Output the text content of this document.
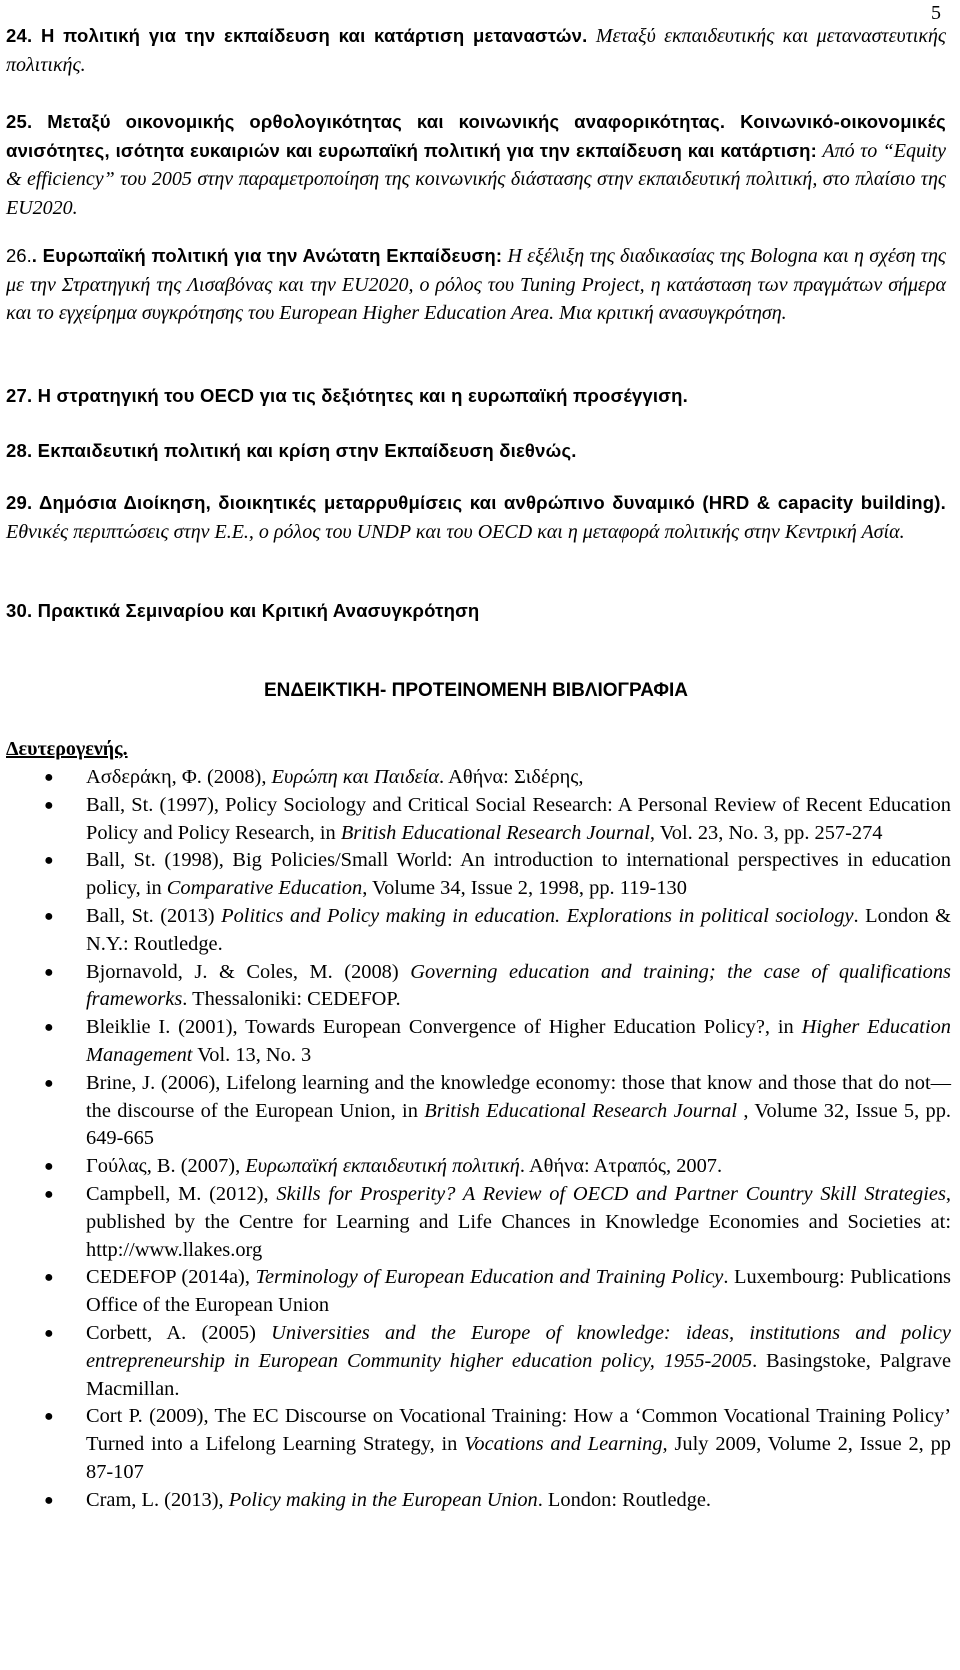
5

24. Η πολιτική για την εκπαίδευση και κατάρτιση μεταναστών. Μεταξύ εκπαιδευτικής και μεταναστευτικής πολιτικής.

25. Μεταξύ οικονομικής ορθολογικότητας και κοινωνικής αναφορικότητας. Κοινωνικό-οικονομικές ανισότητες, ισότητα ευκαιριών και ευρωπαϊκή πολιτική για την εκπαίδευση και κατάρτιση: Από το “Equity & efficiency” του 2005 στην παραμετροποίηση της κοινωνικής διάστασης στην εκπαιδευτική πολιτική, στο πλαίσιο της EU2020.

26.. Ευρωπαϊκή πολιτική για την Ανώτατη Εκπαίδευση: Η εξέλιξη της διαδικασίας της Bologna και η σχέση της με την Στρατηγική της Λισαβόνας και την EU2020, ο ρόλος του Tuning Project, η κατάσταση των πραγμάτων σήμερα και το εγχείρημα συγκρότησης του European Higher Education Area. Μια κριτική ανασυγκρότηση.

27. Η στρατηγική του OECD για τις δεξιότητες και η ευρωπαϊκή προσέγγιση.

28. Εκπαιδευτική πολιτική και κρίση στην Εκπαίδευση διεθνώς.

29. Δημόσια Διοίκηση, διοικητικές μεταρρυθμίσεις και ανθρώπινο δυναμικό (HRD & capacity building). Εθνικές περιπτώσεις στην Ε.Ε., ο ρόλος του UNDP και του OECD και η μεταφορά πολιτικής στην Κεντρική Ασία.

30. Πρακτικά Σεμιναρίου και Κριτική Ανασυγκρότηση

ΕΝΔΕΙΚΤΙΚΗ- ΠΡΟΤΕΙΝΟΜΕΝΗ ΒΙΒΛΙΟΓΡΑΦΙΑ
Δευτερογενής.
● Ασδεράκη, Φ. (2008), Ευρώπη και Παιδεία. Αθήνα: Σιδέρης,
● Ball, St. (1997), Policy Sociology and Critical Social Research: A Personal Review of Recent Education Policy and Policy Research, in British Educational Research Journal, Vol. 23, No. 3, pp. 257-274
● Ball, St. (1998), Big Policies/Small World: An introduction to international perspectives in education policy, in Comparative Education, Volume 34, Issue 2, 1998, pp. 119-130
● Ball, St. (2013) Politics and Policy making in education. Explorations in political sociology. London & N.Y.: Routledge.
● Bjornavold, J. & Coles, M. (2008) Governing education and training; the case of qualifications frameworks. Thessaloniki: CEDEFOP.
● Bleiklie I. (2001), Towards European Convergence of Higher Education Policy?, in Higher Education Management Vol. 13, No. 3
● Brine, J. (2006), Lifelong learning and the knowledge economy: those that know and those that do not—the discourse of the European Union, in British Educational Research Journal , Volume 32, Issue 5, pp. 649-665
● Γούλας, Β. (2007), Ευρωπαϊκή εκπαιδευτική πολιτική. Αθήνα: Ατραπός, 2007.
● Campbell, M. (2012), Skills for Prosperity? A Review of OECD and Partner Country Skill Strategies, published by the Centre for Learning and Life Chances in Knowledge Economies and Societies at: http://www.llakes.org
● CEDEFOP (2014a), Terminology of European Education and Training Policy. Luxembourg: Publications Office of the European Union
● Corbett, A. (2005) Universities and the Europe of knowledge: ideas, institutions and policy entrepreneurship in European Community higher education policy, 1955-2005. Basingstoke, Palgrave Macmillan.
● Cort P. (2009), The EC Discourse on Vocational Training: How a ‘Common Vocational Training Policy’ Turned into a Lifelong Learning Strategy, in Vocations and Learning, July 2009, Volume 2, Issue 2, pp 87-107
● Cram, L. (2013), Policy making in the European Union. London: Routledge.
